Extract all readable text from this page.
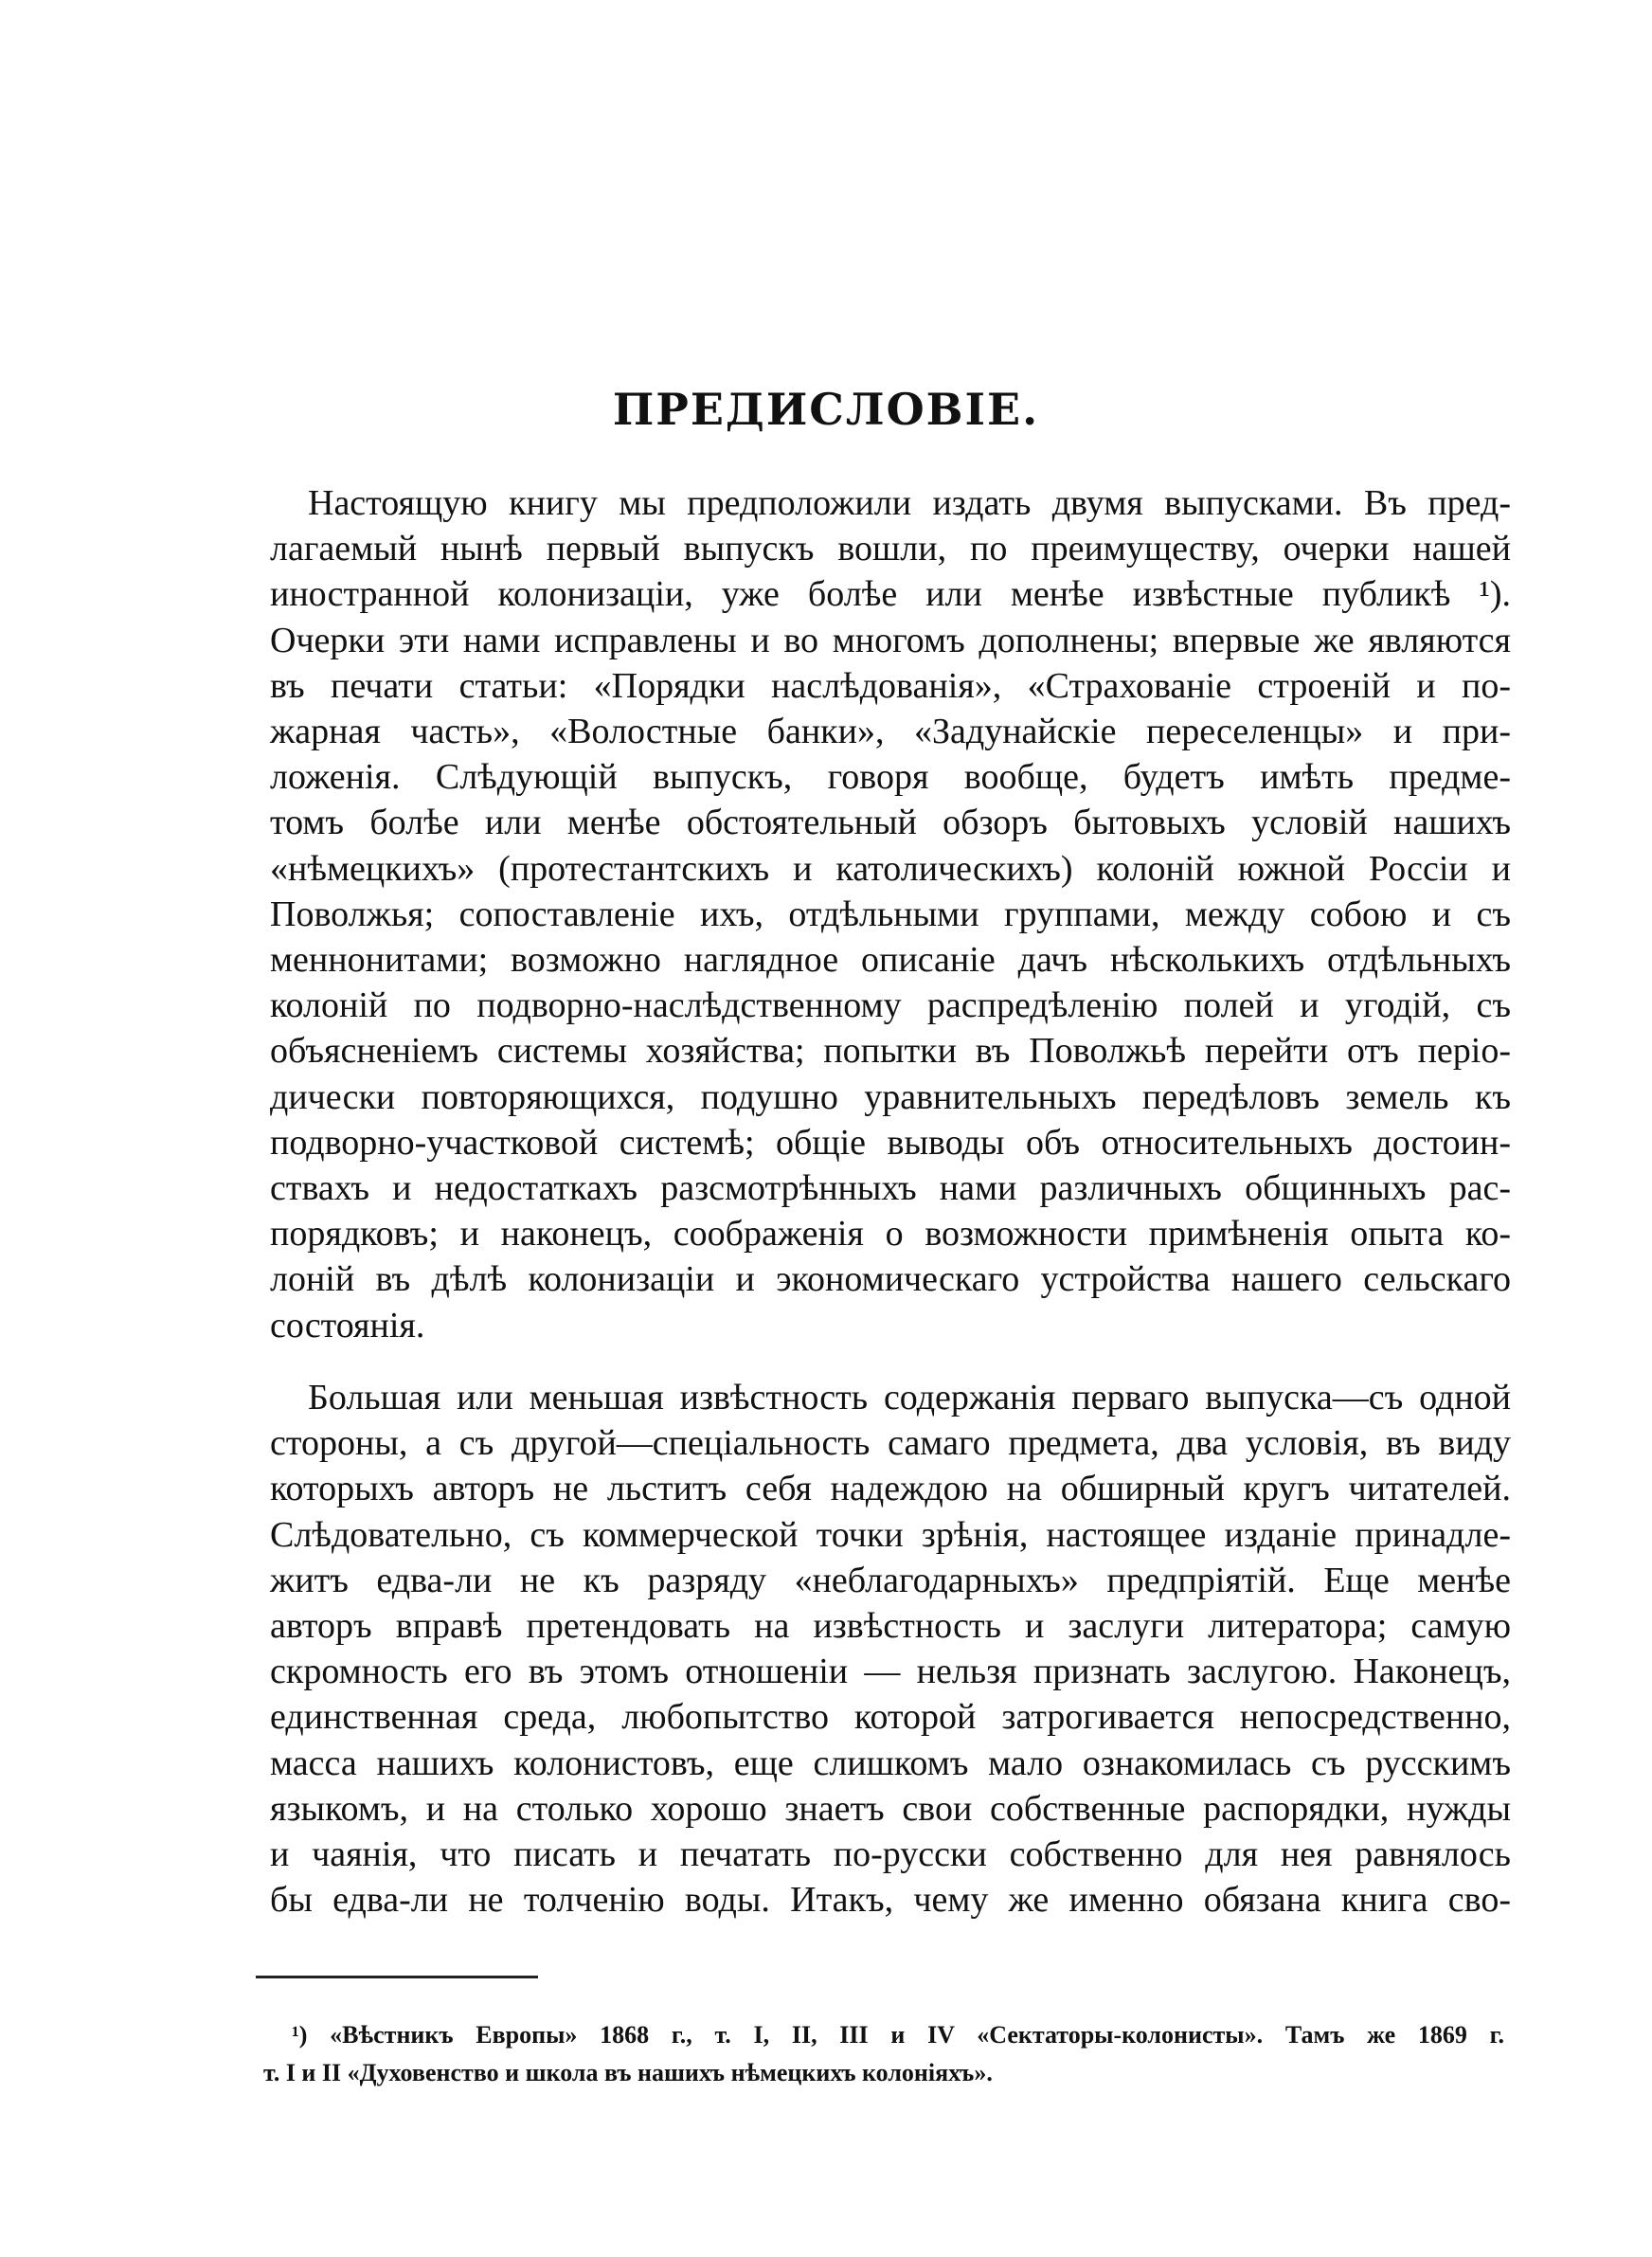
ПРЕДИСЛОВІЕ.
Настоящую книгу мы предположили издать двумя выпусками. Въ пред-
лагаемый нынѣ первый выпускъ вошли, по преимуществу, очерки нашей
иностранной колонизаціи, уже болѣе или менѣе извѣстные публикѣ ¹).
Очерки эти нами исправлены и во многомъ дополнены; впервые же являются
въ печати статьи: «Порядки наслѣдованія», «Страхованіе строеній и по-
жарная часть», «Волостные банки», «Задунайскіе переселенцы» и при-
ложенія. Слѣдующій выпускъ, говоря вообще, будетъ имѣть предме-
томъ болѣе или менѣе обстоятельный обзоръ бытовыхъ условій нашихъ
«нѣмецкихъ» (протестантскихъ и католическихъ) колоній южной Россіи и
Поволжья; сопоставленіе ихъ, отдѣльными группами, между собою и съ
меннонитами; возможно наглядное описаніе дачъ нѣсколькихъ отдѣльныхъ
колоній по подворно-наслѣдственному распредѣленію полей и угодій, съ
объясненіемъ системы хозяйства; попытки въ Поволжьѣ перейти отъ періо-
дически повторяющихся, подушно уравнительныхъ передѣловъ земель къ
подворно-участковой системѣ; общіе выводы объ относительныхъ достоин-
ствахъ и недостаткахъ разсмотрѣнныхъ нами различныхъ общинныхъ рас-
порядковъ; и наконецъ, соображенія о возможности примѣненія опыта ко-
лоній въ дѣлѣ колонизаціи и экономическаго устройства нашего сельскаго
состоянія.
Большая или меньшая извѣстность содержанія перваго выпуска—съ одной
стороны, а съ другой—спеціальность самаго предмета, два условія, въ виду
которыхъ авторъ не льститъ себя надеждою на обширный кругъ читателей.
Слѣдовательно, съ коммерческой точки зрѣнія, настоящее изданіе принадле-
житъ едва-ли не къ разряду «неблагодарныхъ» предпріятій. Еще менѣе
авторъ вправѣ претендовать на извѣстность и заслуги литератора; самую
скромность его въ этомъ отношеніи — нельзя признать заслугою. Наконецъ,
единственная среда, любопытство которой затрогивается непосредственно,
масса нашихъ колонистовъ, еще слишкомъ мало ознакомилась съ русскимъ
языкомъ, и на столько хорошо знаетъ свои собственные распорядки, нужды
и чаянія, что писать и печатать по-русски собственно для нея равнялось
бы едва-ли не толченію воды. Итакъ, чему же именно обязана книга сво-
¹) «Вѣстникъ Европы» 1868 г., т. I, II, III и IV «Сектаторы-колонисты». Тамъ же 1869 г.
т. I и II «Духовенство и школа въ нашихъ нѣмецкихъ колоніяхъ».
